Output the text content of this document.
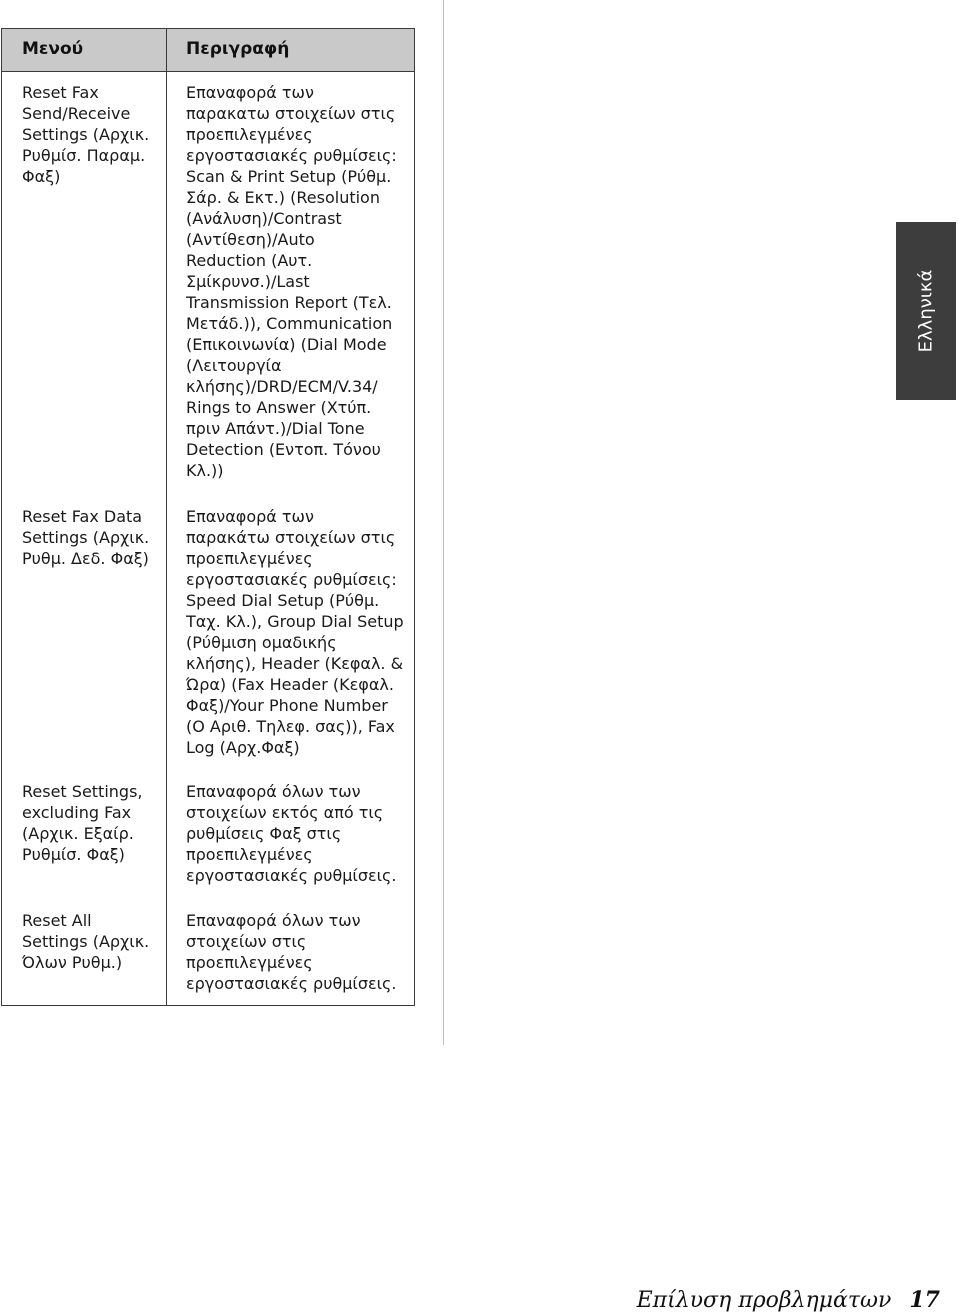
Μενού	Περιγραφή
Reset Fax
Send/Receive
Settings (Αρχικ.
Ρυθμίσ. Παραμ.
Φαξ)
Επαναφορά των
παρακατω στοιχείων στις
προεπιλεγμένες
εργοστασιακές ρυθμίσεις:
Scan & Print Setup (Ρύθμ.
Σάρ. & Εκτ.) (Resolution
(Ανάλυση)/Contrast
(Αντίθεση)/Auto
Reduction (Αυτ.
Σμίκρυνσ.)/Last
Transmission Report (Τελ.
Μετάδ.)), Communication
(Επικοινωνία) (Dial Mode
(Λειτουργία
κλήσης)/DRD/ECM/V.34/
Rings to Answer (Χτύπ.
πριν Απάντ.)/Dial Tone
Detection (Εντοπ. Τόνου
Κλ.))
Reset Fax Data
Settings (Αρχικ.
Ρυθμ. Δεδ. Φαξ)
Επαναφορά των
παρακάτω στοιχείων στις
προεπιλεγμένες
εργοστασιακές ρυθμίσεις:
Speed Dial Setup (Ρύθμ.
Ταχ. Κλ.), Group Dial Setup
(Ρύθμιση ομαδικής
κλήσης), Header (Κεφαλ. &
Ώρα) (Fax Header (Κεφαλ.
Φαξ)/Your Phone Number
(Ο Αριθ. Τηλεφ. σας)), Fax
Log (Αρχ.Φαξ)
Reset Settings,
excluding Fax
(Αρχικ. Εξαίρ.
Ρυθμίσ. Φαξ)
Επαναφορά όλων των
στοιχείων εκτός από τις
ρυθμίσεις Φαξ στις
προεπιλεγμένες
εργοστασιακές ρυθμίσεις.
Reset All
Settings (Αρχικ.
Όλων Ρυθμ.)
Επαναφορά όλων των
στοιχείων στις
προεπιλεγμένες
εργοστασιακές ρυθμίσεις.
Ελληνικά
Επίλυση προβλημάτων 17
